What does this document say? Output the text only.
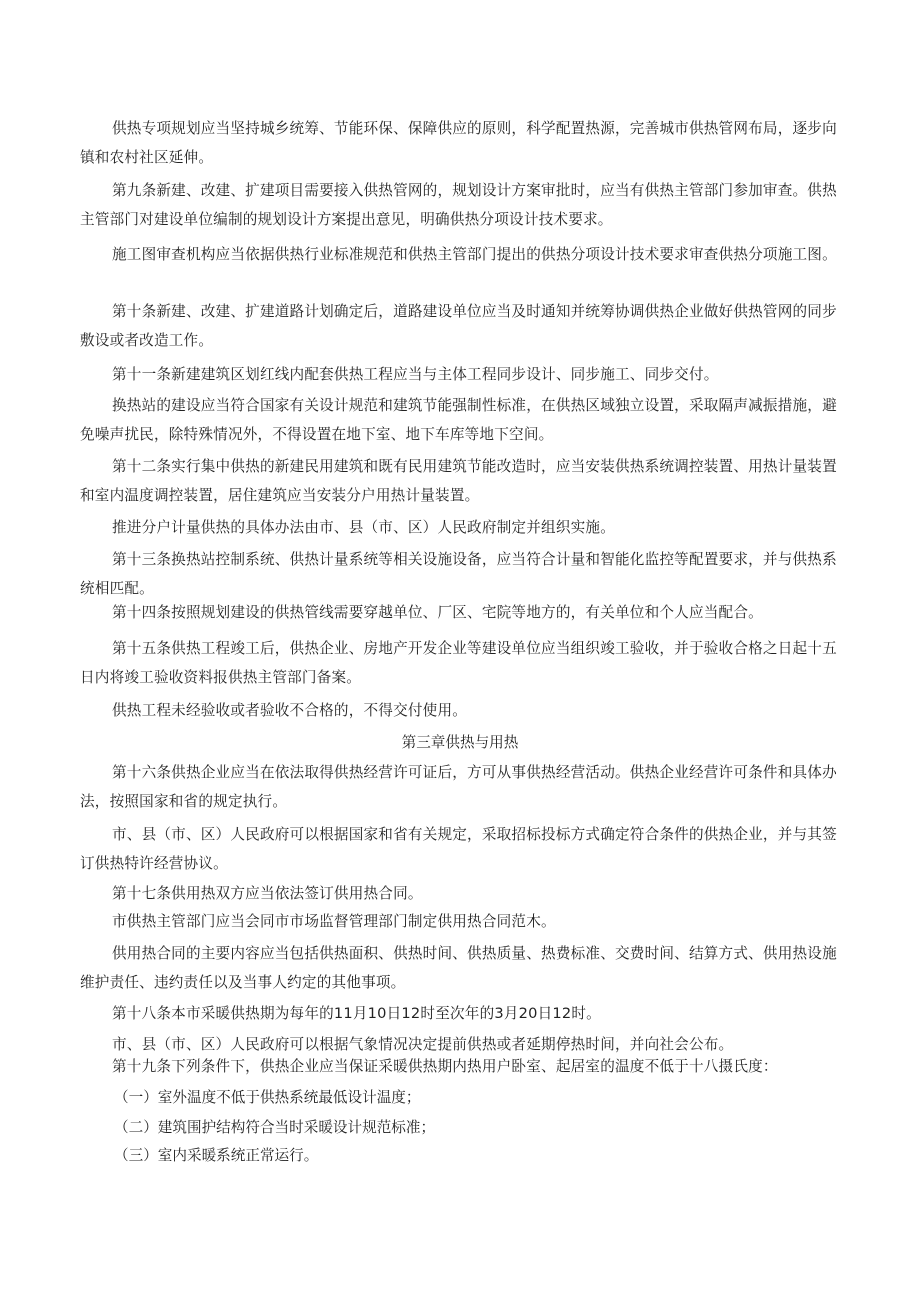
供热专项规划应当坚持城乡统筹、节能环保、保障供应的原则，科学配置热源，完善城市供热管网布局，逐步向镇和农村社区延伸。
第九条新建、改建、扩建项目需要接入供热管网的，规划设计方案审批时，应当有供热主管部门参加审查。供热主管部门对建设单位编制的规划设计方案提出意见，明确供热分项设计技术要求。
施工图审查机构应当依据供热行业标准规范和供热主管部门提出的供热分项设计技术要求审查供热分项施工图。
第十条新建、改建、扩建道路计划确定后，道路建设单位应当及时通知并统筹协调供热企业做好供热管网的同步敷设或者改造工作。
第十一条新建建筑区划红线内配套供热工程应当与主体工程同步设计、同步施工、同步交付。
换热站的建设应当符合国家有关设计规范和建筑节能强制性标准，在供热区域独立设置，采取隔声减振措施，避免噪声扰民，除特殊情况外，不得设置在地下室、地下车库等地下空间。
第十二条实行集中供热的新建民用建筑和既有民用建筑节能改造时，应当安装供热系统调控装置、用热计量装置和室内温度调控装置，居住建筑应当安装分户用热计量装置。
推进分户计量供热的具体办法由市、县（市、区）人民政府制定并组织实施。
第十三条换热站控制系统、供热计量系统等相关设施设备，应当符合计量和智能化监控等配置要求，并与供热系统相匹配。
第十四条按照规划建设的供热管线需要穿越单位、厂区、宅院等地方的，有关单位和个人应当配合。
第十五条供热工程竣工后，供热企业、房地产开发企业等建设单位应当组织竣工验收，并于验收合格之日起十五日内将竣工验收资料报供热主管部门备案。
供热工程未经验收或者验收不合格的，不得交付使用。
第三章供热与用热
第十六条供热企业应当在依法取得供热经营许可证后，方可从事供热经营活动。供热企业经营许可条件和具体办法，按照国家和省的规定执行。
市、县（市、区）人民政府可以根据国家和省有关规定，采取招标投标方式确定符合条件的供热企业，并与其签订供热特许经营协议。
第十七条供用热双方应当依法签订供用热合同。
市供热主管部门应当会同市市场监督管理部门制定供用热合同范木。
供用热合同的主要内容应当包括供热面积、供热时间、供热质量、热费标准、交费时间、结算方式、供用热设施维护责任、违约责任以及当事人约定的其他事项。
第十八条本市采暖供热期为每年的11月10日12时至次年的3月20日12时。
市、县（市、区）人民政府可以根据气象情况决定提前供热或者延期停热时间，并向社会公布。
第十九条下列条件下，供热企业应当保证采暖供热期内热用户卧室、起居室的温度不低于十八摄氏度：
（一）室外温度不低于供热系统最低设计温度；
（二）建筑围护结构符合当时采暖设计规范标准；
（三）室内采暖系统正常运行。
